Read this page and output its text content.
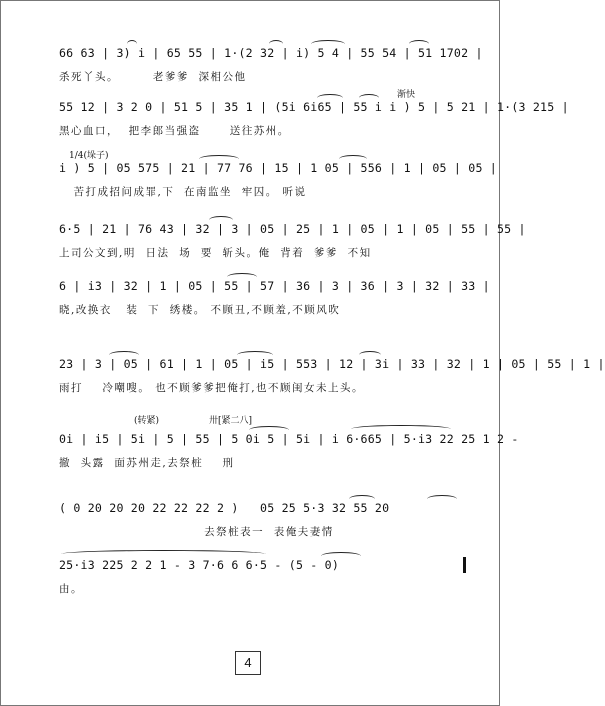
66 63 | 3) i | 65 55 | 1·(2 32 | i) 5 4 | 55 54 | 51 1702 |
杀死丫头。       老爹爹  深相公他
渐快
55 12 | 3 2 0 | 51 5 | 35 1 | (5i 6i65 | 55 i i ) 5 | 5 21 | 1·(3 215 |
黑心血口，  把李郎当强盗      送往苏州。
1/4(垛子)
i ) 5 | 05 575 | 21 | 77 76 | 15 | 1 05 | 556 | 1 | 05 | 05 |
苦打成招问成罪,下  在南监坐  牢囚。 听说
6·5 | 21 | 76 43 | 32 | 3 | 05 | 25 | 1 | 05 | 1 | 05 | 55 | 55 |
上司公文到,明  日法  场  要  斩头。俺  背着  爹爹  不知
6 | i3 | 32 | 1 | 05 | 55 | 57 | 36 | 3 | 36 | 3 | 32 | 33 |
晓,改换衣   装  下  绣楼。 不顾丑,不顾羞,不顾风吹
23 | 3 | 05 | 61 | 1 | 05 | i5 | 553 | 12 | 3i | 33 | 32 | 1 | 05 | 55 | 1 |
雨打    冷嘲嗖。 也不顾爹爹把俺打,也不顾闺女未上头。
(转紧)	卅[紧二八]
0i | i5 | 5i | 5 | 55 | 5 0i 5 | 5i | i 6·665 | 5·i3 22 25 1 2 -
撤  头露  面苏州走,去祭桩    刑
( 0 20 20 20 22 22 22 2 )   05 25 5·3 32 55 20
去祭桩表一  表俺夫妻情
25·i3 225 2 2 1 - 3 7·6 6 6·5 - (5 - 0)
由。
4
